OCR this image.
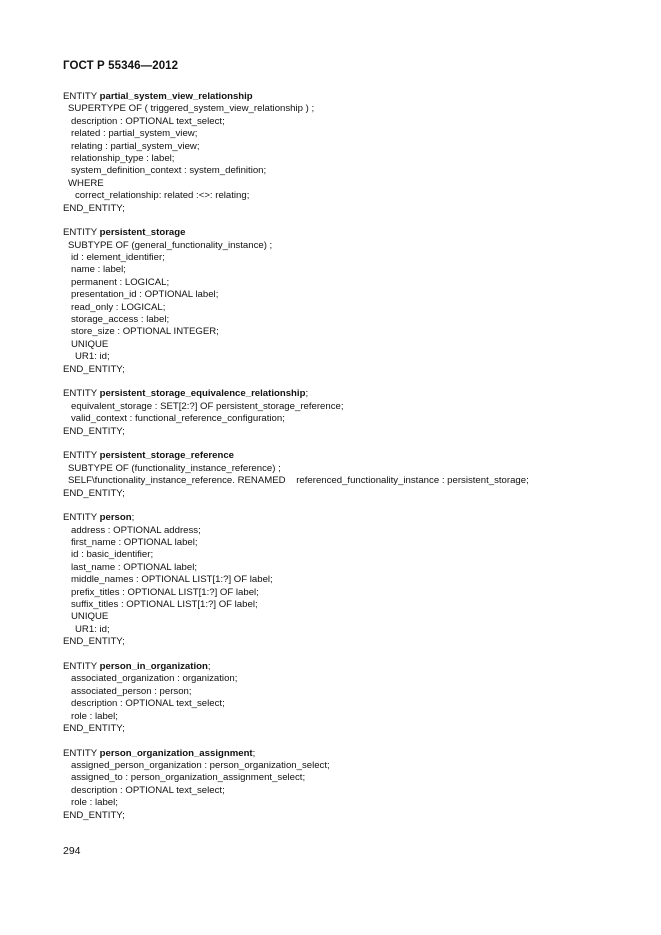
ГОСТ Р 55346—2012
ENTITY partial_system_view_relationship
SUPERTYPE OF ( triggered_system_view_relationship ) ;
description : OPTIONAL text_select;
related : partial_system_view;
relating : partial_system_view;
relationship_type : label;
system_definition_context : system_definition;
WHERE
correct_relationship: related :<>: relating;
END_ENTITY;
ENTITY persistent_storage
SUBTYPE OF (general_functionality_instance) ;
id : element_identifier;
name : label;
permanent : LOGICAL;
presentation_id : OPTIONAL label;
read_only : LOGICAL;
storage_access : label;
store_size : OPTIONAL INTEGER;
UNIQUE
UR1: id;
END_ENTITY;
ENTITY persistent_storage_equivalence_relationship;
equivalent_storage : SET[2:?] OF persistent_storage_reference;
valid_context : functional_reference_configuration;
END_ENTITY;
ENTITY persistent_storage_reference
SUBTYPE OF (functionality_instance_reference) ;
SELF\functionality_instance_reference. RENAMED    referenced_functionality_instance : persistent_storage;
END_ENTITY;
ENTITY person;
address : OPTIONAL address;
first_name : OPTIONAL label;
id : basic_identifier;
last_name : OPTIONAL label;
middle_names : OPTIONAL LIST[1:?] OF label;
prefix_titles : OPTIONAL LIST[1:?] OF label;
suffix_titles : OPTIONAL LIST[1:?] OF label;
UNIQUE
UR1: id;
END_ENTITY;
ENTITY person_in_organization;
associated_organization : organization;
associated_person : person;
description : OPTIONAL text_select;
role : label;
END_ENTITY;
ENTITY person_organization_assignment;
assigned_person_organization : person_organization_select;
assigned_to : person_organization_assignment_select;
description : OPTIONAL text_select;
role : label;
END_ENTITY;
294
